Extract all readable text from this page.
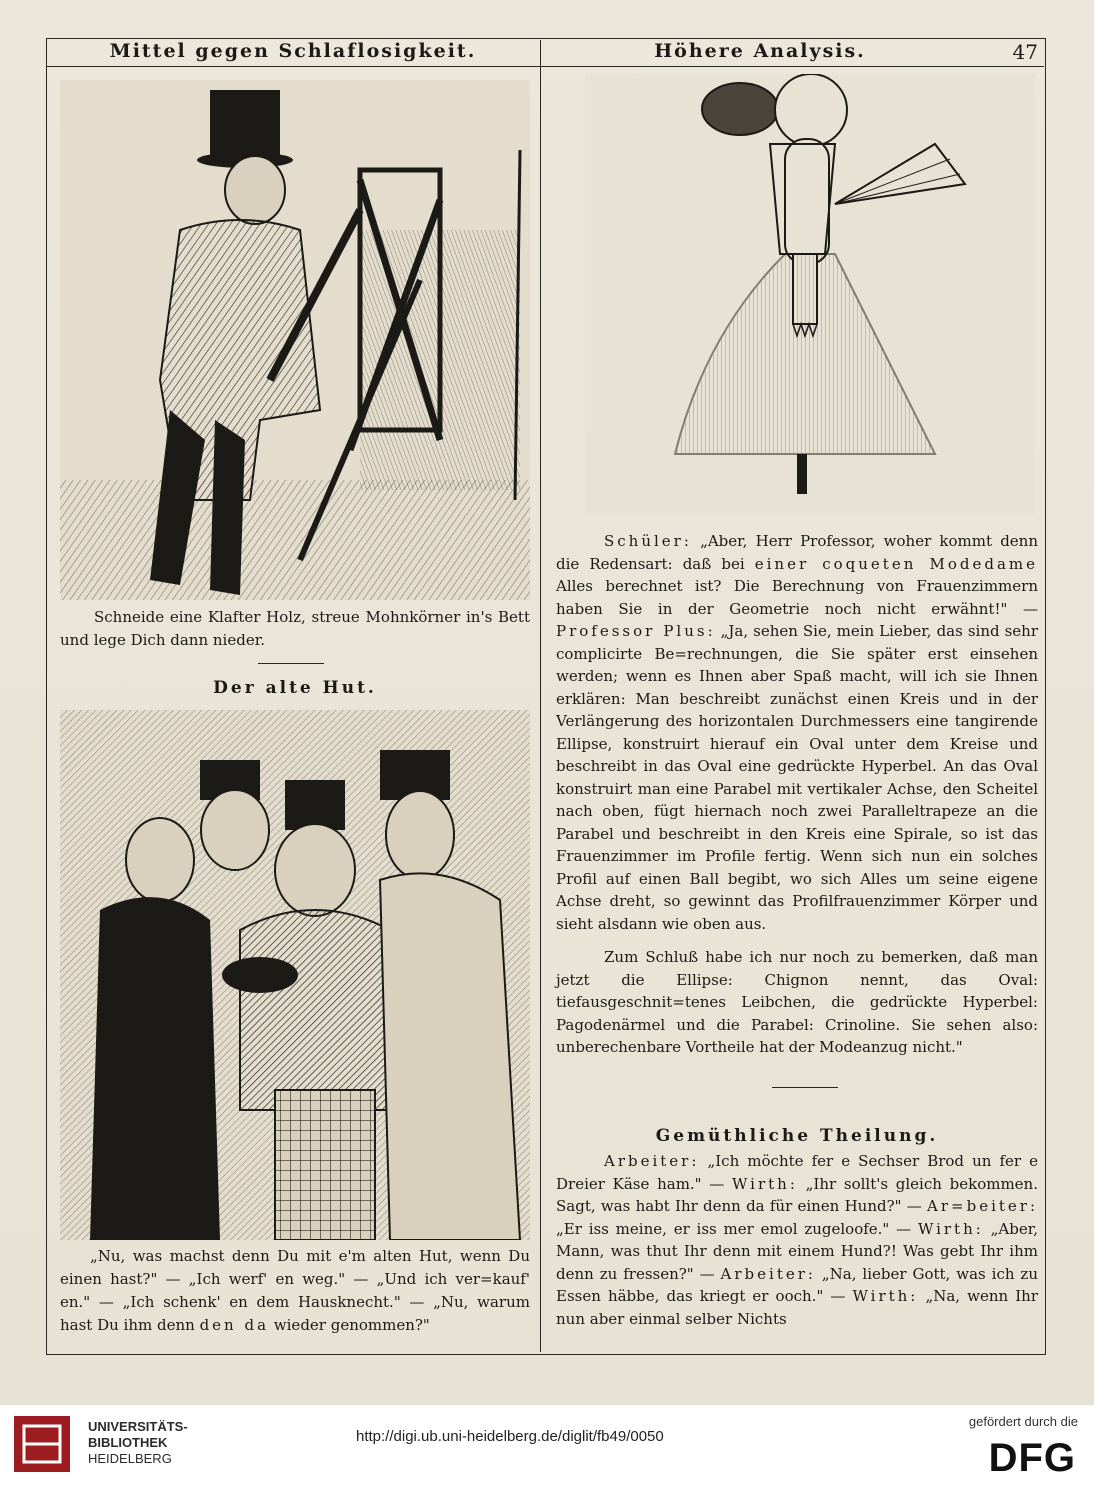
Mittel gegen Schlaflosigkeit.	Höhere Analysis.	47
Schneide eine Klafter Holz, streue Mohnkörner in's Bett und lege Dich dann nieder.
Der alte Hut.
„Nu, was machst denn Du mit e'm alten Hut, wenn Du einen hast?" — „Ich werf' en weg." — „Und ich ver=kauf' en." — „Ich schenk' en dem Hausknecht." — „Nu, warum hast Du ihm denn den da wieder genommen?"
Schüler: „Aber, Herr Professor, woher kommt denn die Redensart: daß bei einer coqueten Modedame Alles berechnet ist? Die Berechnung von Frauenzimmern haben Sie in der Geometrie noch nicht erwähnt!" — Professor Plus: „Ja, sehen Sie, mein Lieber, das sind sehr complicirte Be=rechnungen, die Sie später erst einsehen werden; wenn es Ihnen aber Spaß macht, will ich sie Ihnen erklären: Man beschreibt zunächst einen Kreis und in der Verlängerung des horizontalen Durchmessers eine tangirende Ellipse, konstruirt hierauf ein Oval unter dem Kreise und beschreibt in das Oval eine gedrückte Hyperbel. An das Oval konstruirt man eine Parabel mit vertikaler Achse, den Scheitel nach oben, fügt hiernach noch zwei Paralleltrapeze an die Parabel und beschreibt in den Kreis eine Spirale, so ist das Frauenzimmer im Profile fertig. Wenn sich nun ein solches Profil auf einen Ball begibt, wo sich Alles um seine eigene Achse dreht, so gewinnt das Profilfrauenzimmer Körper und sieht alsdann wie oben aus.
Zum Schluß habe ich nur noch zu bemerken, daß man jetzt die Ellipse: Chignon nennt, das Oval: tiefausgeschnit=tenes Leibchen, die gedrückte Hyperbel: Pagodenärmel und die Parabel: Crinoline. Sie sehen also: unberechenbare Vortheile hat der Modeanzug nicht."
Gemüthliche Theilung.
Arbeiter: „Ich möchte fer e Sechser Brod un fer e Dreier Käse ham." — Wirth: „Ihr sollt's gleich bekommen. Sagt, was habt Ihr denn da für einen Hund?" — Ar=beiter: „Er iss meine, er iss mer emol zugeloofe." — Wirth: „Aber, Mann, was thut Ihr denn mit einem Hund?! Was gebt Ihr ihm denn zu fressen?" — Arbeiter: „Na, lieber Gott, was ich zu Essen häbbe, das kriegt er ooch." — Wirth: „Na, wenn Ihr nun aber einmal selber Nichts
UNIVERSITÄTS-
BIBLIOTHEK
HEIDELBERG
http://digi.ub.uni-heidelberg.de/diglit/fb49/0050
gefördert durch die
DFG
